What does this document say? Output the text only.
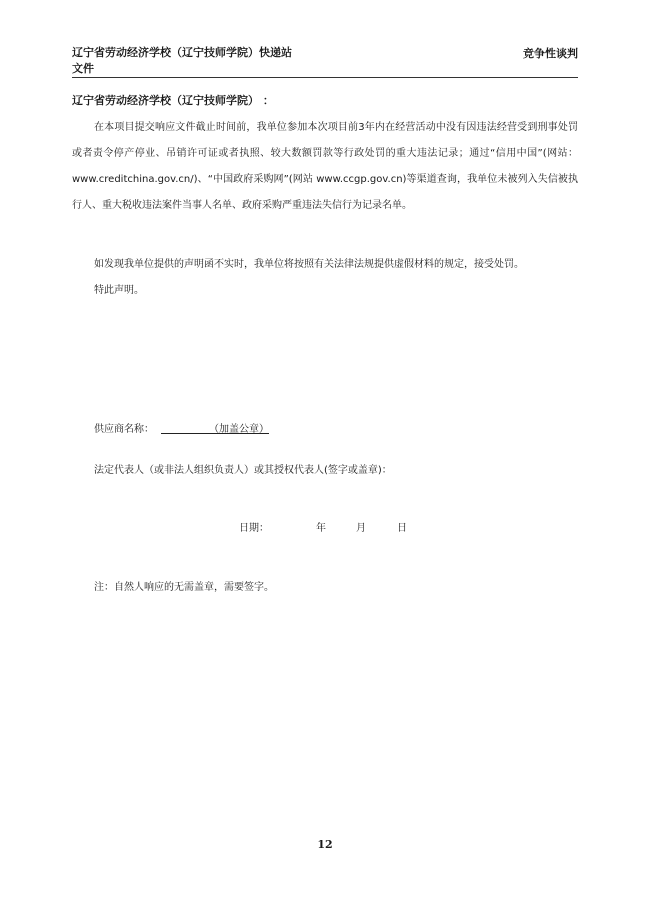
辽宁省劳动经济学校（辽宁技师学院）快递站
文件
竞争性谈判
辽宁省劳动经济学校（辽宁技师学院） ：

在本项目提交响应文件截止时间前，我单位参加本次项目前3年内在经营活动中没有因违法经营受到刑事处罚或者责令停产停业、吊销许可证或者执照、较大数额罚款等行政处罚的重大违法记录；通过“信用中国”(网站：www.creditchina.gov.cn/)、“中国政府采购网”(网站 www.ccgp.gov.cn)等渠道查询，我单位未被列入失信被执行人、重大税收违法案件当事人名单、政府采购严重违法失信行为记录名单。

如发现我单位提供的声明函不实时，我单位将按照有关法律法规提供虚假材料的规定，接受处罚。

特此声明。

供应商名称：	（加盖公章）
法定代表人（或非法人组织负责人）或其授权代表人(签字或盖章)：
日期：	年	月	日
注：自然人响应的无需盖章，需要签字。
12
